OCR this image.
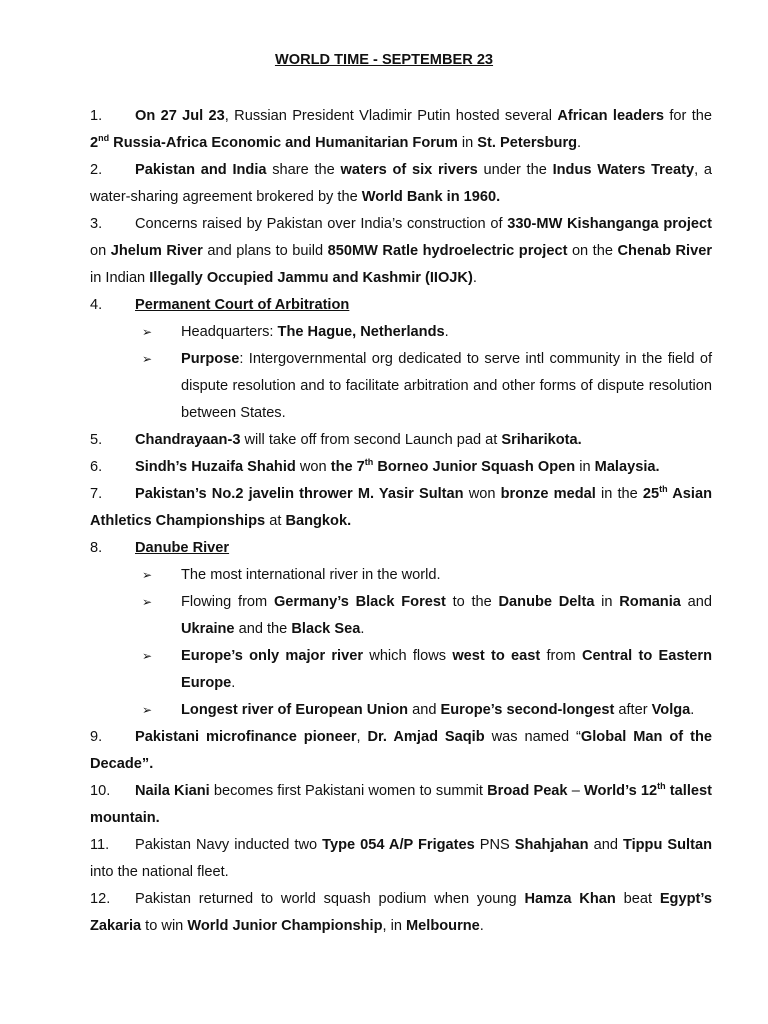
WORLD TIME - SEPTEMBER 23
1. On 27 Jul 23, Russian President Vladimir Putin hosted several African leaders for the 2nd Russia-Africa Economic and Humanitarian Forum in St. Petersburg.
2. Pakistan and India share the waters of six rivers under the Indus Waters Treaty, a water-sharing agreement brokered by the World Bank in 1960.
3. Concerns raised by Pakistan over India’s construction of 330-MW Kishanganga project on Jhelum River and plans to build 850MW Ratle hydroelectric project on the Chenab River in Indian Illegally Occupied Jammu and Kashmir (IIOJK).
4. Permanent Court of Arbitration
➢ Headquarters: The Hague, Netherlands.
➢ Purpose: Intergovernmental org dedicated to serve intl community in the field of dispute resolution and to facilitate arbitration and other forms of dispute resolution between States.
5. Chandrayaan-3 will take off from second Launch pad at Sriharikota.
6. Sindh’s Huzaifa Shahid won the 7th Borneo Junior Squash Open in Malaysia.
7. Pakistan’s No.2 javelin thrower M. Yasir Sultan won bronze medal in the 25th Asian Athletics Championships at Bangkok.
8. Danube River
➢ The most international river in the world.
➢ Flowing from Germany’s Black Forest to the Danube Delta in Romania and Ukraine and the Black Sea.
➢ Europe’s only major river which flows west to east from Central to Eastern Europe.
➢ Longest river of European Union and Europe’s second-longest after Volga.
9. Pakistani microfinance pioneer, Dr. Amjad Saqib was named “Global Man of the Decade”.
10. Naila Kiani becomes first Pakistani women to summit Broad Peak – World’s 12th tallest mountain.
11. Pakistan Navy inducted two Type 054 A/P Frigates PNS Shahjahan and Tippu Sultan into the national fleet.
12. Pakistan returned to world squash podium when young Hamza Khan beat Egypt’s Zakaria to win World Junior Championship, in Melbourne.
